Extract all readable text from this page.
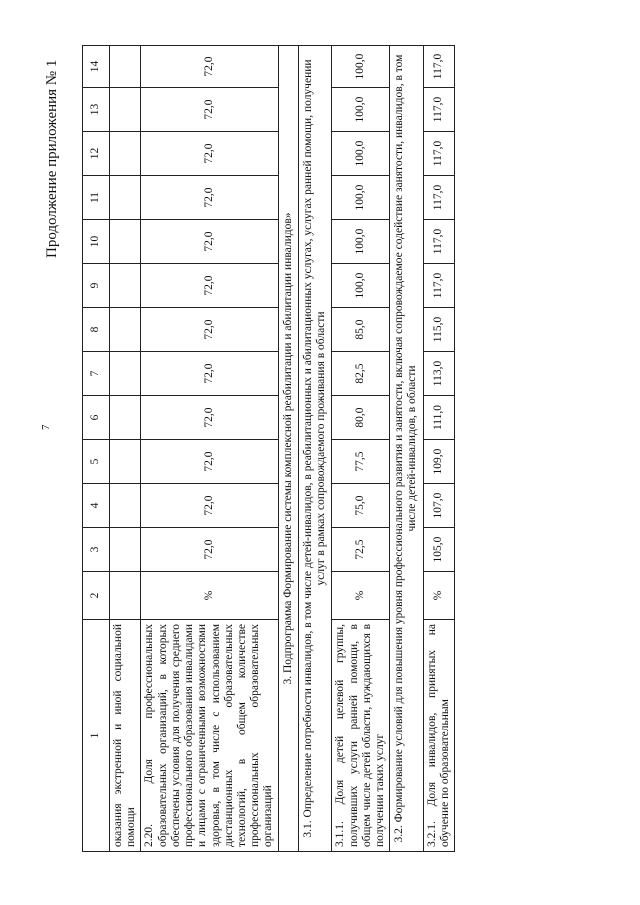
7
Продолжение приложения № 1
1	2	3	4	5	6	7	8	9	10	11	12	13	14
оказания экстренной и иной социальной помощи													
2.20. Доля профессиональных образовательных организаций, в которых обеспечены условия для получения среднего профессионального образования инвалидами и лицами с ограниченными возможностями здоровья, в том числе с использованием дистанционных образовательных технологий, в общем количестве профессиональных образовательных организаций	%	72,0	72,0	72,0	72,0	72,0	72,0	72,0	72,0	72,0	72,0	72,0	72,0
3. Подпрограмма Формирование системы комплексной реабилитации и абилитации инвалидов»													
3.1. Определение потребности инвалидов, в том числе детей-инвалидов, в реабилитационных и абилитационных услугах, услугах ранней помощи, получении услуг в рамках сопровождаемого проживания в области													
3.1.1. Доля детей целевой группы, получивших услуги ранней помощи, в общем числе детей области, нуждающихся в получении таких услуг	%	72,5	75,0	77,5	80,0	82,5	85,0	100,0	100,0	100,0	100,0	100,0	100,0
3.2. Формирование условий для повышения уровня профессионального развития и занятости, включая сопровождаемое содействие занятости, инвалидов, в том числе детей-инвалидов, в области													
3.2.1. Доля инвалидов, принятых на обучение по образовательным	%	105,0	107,0	109,0	111,0	113,0	115,0	117,0	117,0	117,0	117,0	117,0	117,0
